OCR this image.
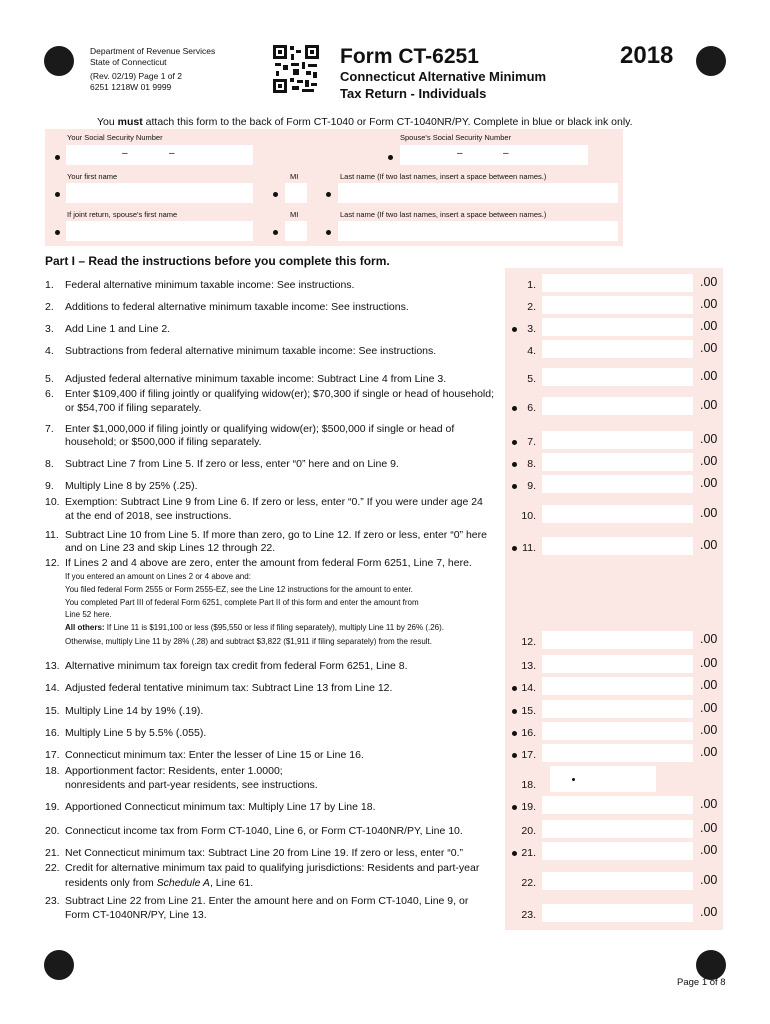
Department of Revenue Services
State of Connecticut
(Rev. 02/19) Page 1 of 2
6251 1218W 01 9999
Form CT-6251
Connecticut Alternative Minimum
Tax Return - Individuals
2018
You must attach this form to the back of Form CT-1040 or Form CT-1040NR/PY. Complete in blue or black ink only.
Your Social Security Number	Spouse's Social Security Number
–	–	–	–
Your first name	MI	Last name (If two last names, insert a space between names.)
If joint return, spouse's first name	MI	Last name (If two last names, insert a space between names.)
Part I – Read the instructions before you complete this form.
1.	Federal alternative minimum taxable income: See instructions.	1.	.00
2.	Additions to federal alternative minimum taxable income: See instructions.	2.	.00
3.	Add Line 1 and Line 2.	3.	.00
4.	Subtractions from federal alternative minimum taxable income: See instructions.	4.	.00
5.	Adjusted federal alternative minimum taxable income: Subtract Line 4 from Line 3.	5.	.00
6.	Enter $109,400 if filing jointly or qualifying widow(er); $70,300 if single or head of household;
or $54,700 if filing separately.	6.	.00
7.	Enter $1,000,000 if filing jointly or qualifying widow(er); $500,000 if single or head of
household; or $500,000 if filing separately.	7.	.00
8.	Subtract Line 7 from Line 5. If zero or less, enter “0” here and on Line 9.	8.	.00
9.	Multiply Line 8 by 25% (.25).	9.	.00
10. Exemption: Subtract Line 9 from Line 6. If zero or less, enter “0.” If you were under age 24
at the end of 2018, see instructions.	10.	.00
11. Subtract Line 10 from Line 5. If more than zero, go to Line 12. If zero or less, enter “0” here
and on Line 23 and skip Lines 12 through 22.	11.	.00
12. If Lines 2 and 4 above are zero, enter the amount from federal Form 6251, Line 7, here.
If you entered an amount on Lines 2 or 4 above and:
You filed federal Form 2555 or Form 2555-EZ, see the Line 12 instructions for the amount to enter.
You completed Part III of federal Form 6251, complete Part II of this form and enter the amount from
Line 52 here.
All others: If Line 11 is $191,100 or less ($95,550 or less if filing separately), multiply Line 11 by 26% (.26).
Otherwise, multiply Line 11 by 28% (.28) and subtract $3,822 ($1,911 if filing separately) from the result.	12.	.00
13. Alternative minimum tax foreign tax credit from federal Form 6251, Line 8.	13.	.00
14. Adjusted federal tentative minimum tax: Subtract Line 13 from Line 12.	14.	.00
15. Multiply Line 14 by 19% (.19).	15.	.00
16. Multiply Line 5 by 5.5% (.055).	16.	.00
17. Connecticut minimum tax: Enter the lesser of Line 15 or Line 16.	17.	.00
18. Apportionment factor: Residents, enter 1.0000;
nonresidents and part-year residents, see instructions.	18.
19. Apportioned Connecticut minimum tax: Multiply Line 17 by Line 18.	19.	.00
20. Connecticut income tax from Form CT-1040, Line 6, or Form CT-1040NR/PY, Line 10.	20.	.00
21. Net Connecticut minimum tax: Subtract Line 20 from Line 19. If zero or less, enter “0.”	21.	.00
22. Credit for alternative minimum tax paid to qualifying jurisdictions: Residents and part-year
residents only from Schedule A, Line 61.	22.	.00
23. Subtract Line 22 from Line 21. Enter the amount here and on Form CT-1040, Line 9, or
Form CT-1040NR/PY, Line 13.	23.	.00
Page 1 of 8
